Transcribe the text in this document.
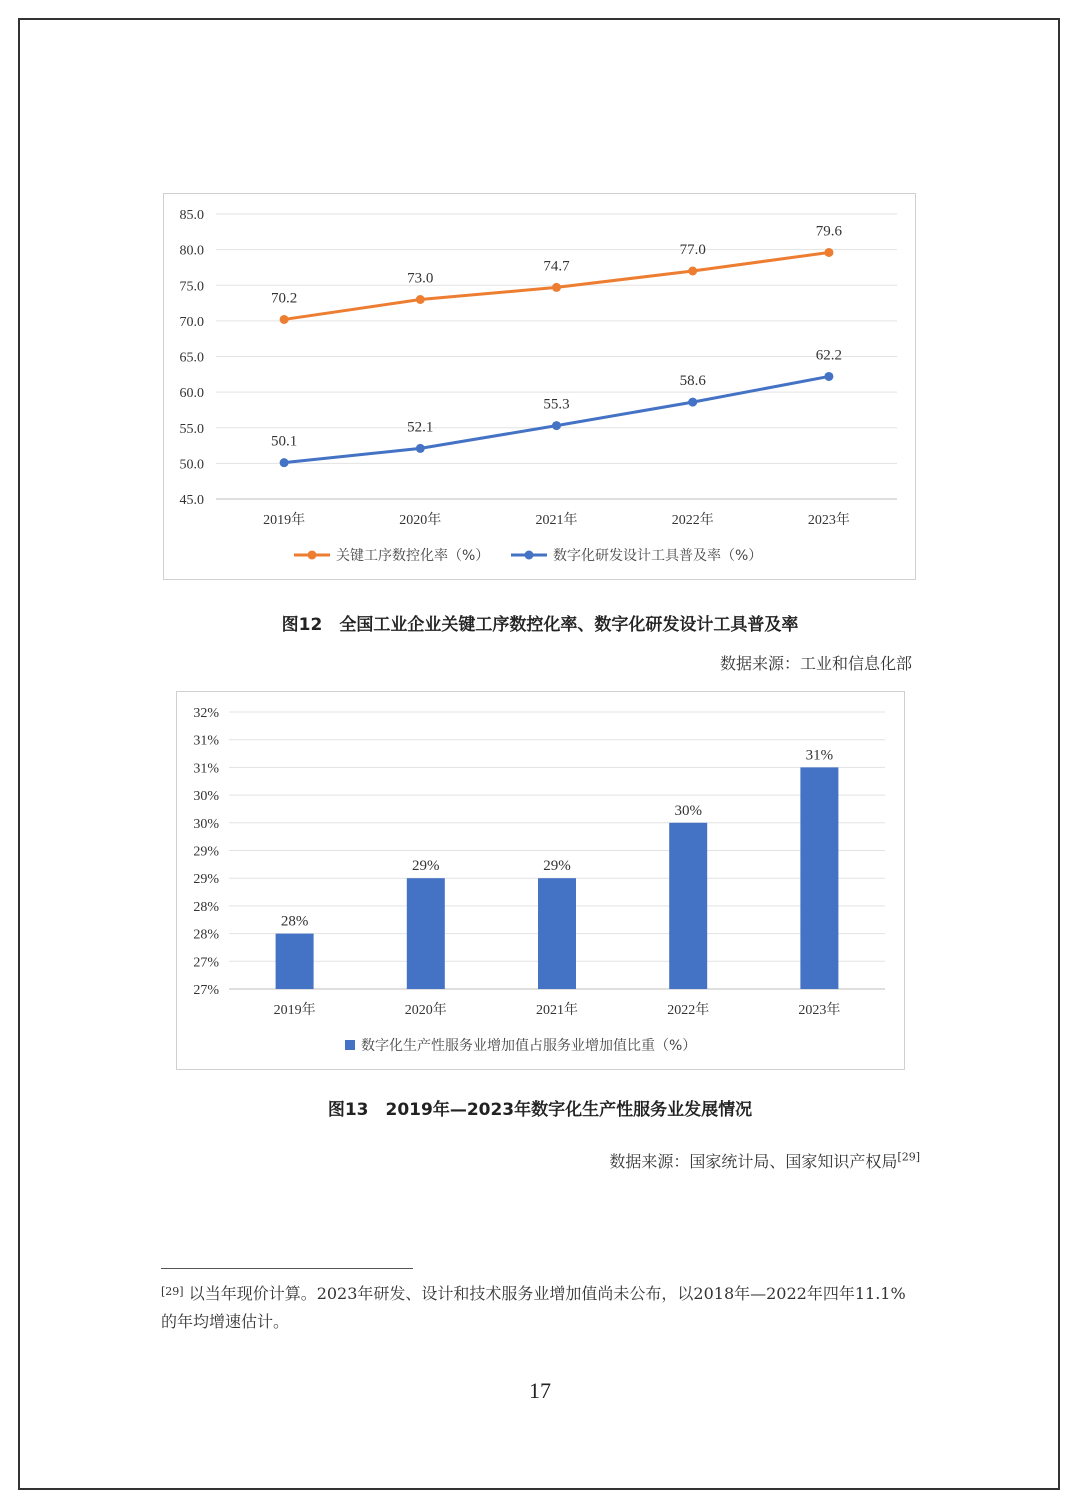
45.0
50.0
55.0
60.0
65.0
70.0
75.0
80.0
85.0
2019年	2020年	2021年	2022年	2023年
70.2
73.0
74.7
77.0
79.6
50.1
52.1
55.3
58.6
62.2
关键工序数控化率（%）	数字化研发设计工具普及率（%）
图12　全国工业企业关键工序数控化率、数字化研发设计工具普及率
数据来源：工业和信息化部
27%
27%
28%
28%
29%
29%
30%
30%
31%
31%
32%
2019年	2020年	2021年	2022年	2023年
28%
29%	29%
30%
31%
数字化生产性服务业增加值占服务业增加值比重（%）
图13　2019年—2023年数字化生产性服务业发展情况
数据来源：国家统计局、国家知识产权局[29]
[29] 以当年现价计算。2023年研发、设计和技术服务业增加值尚未公布，以2018年—2022年四年11.1%的年均增速估计。
17
